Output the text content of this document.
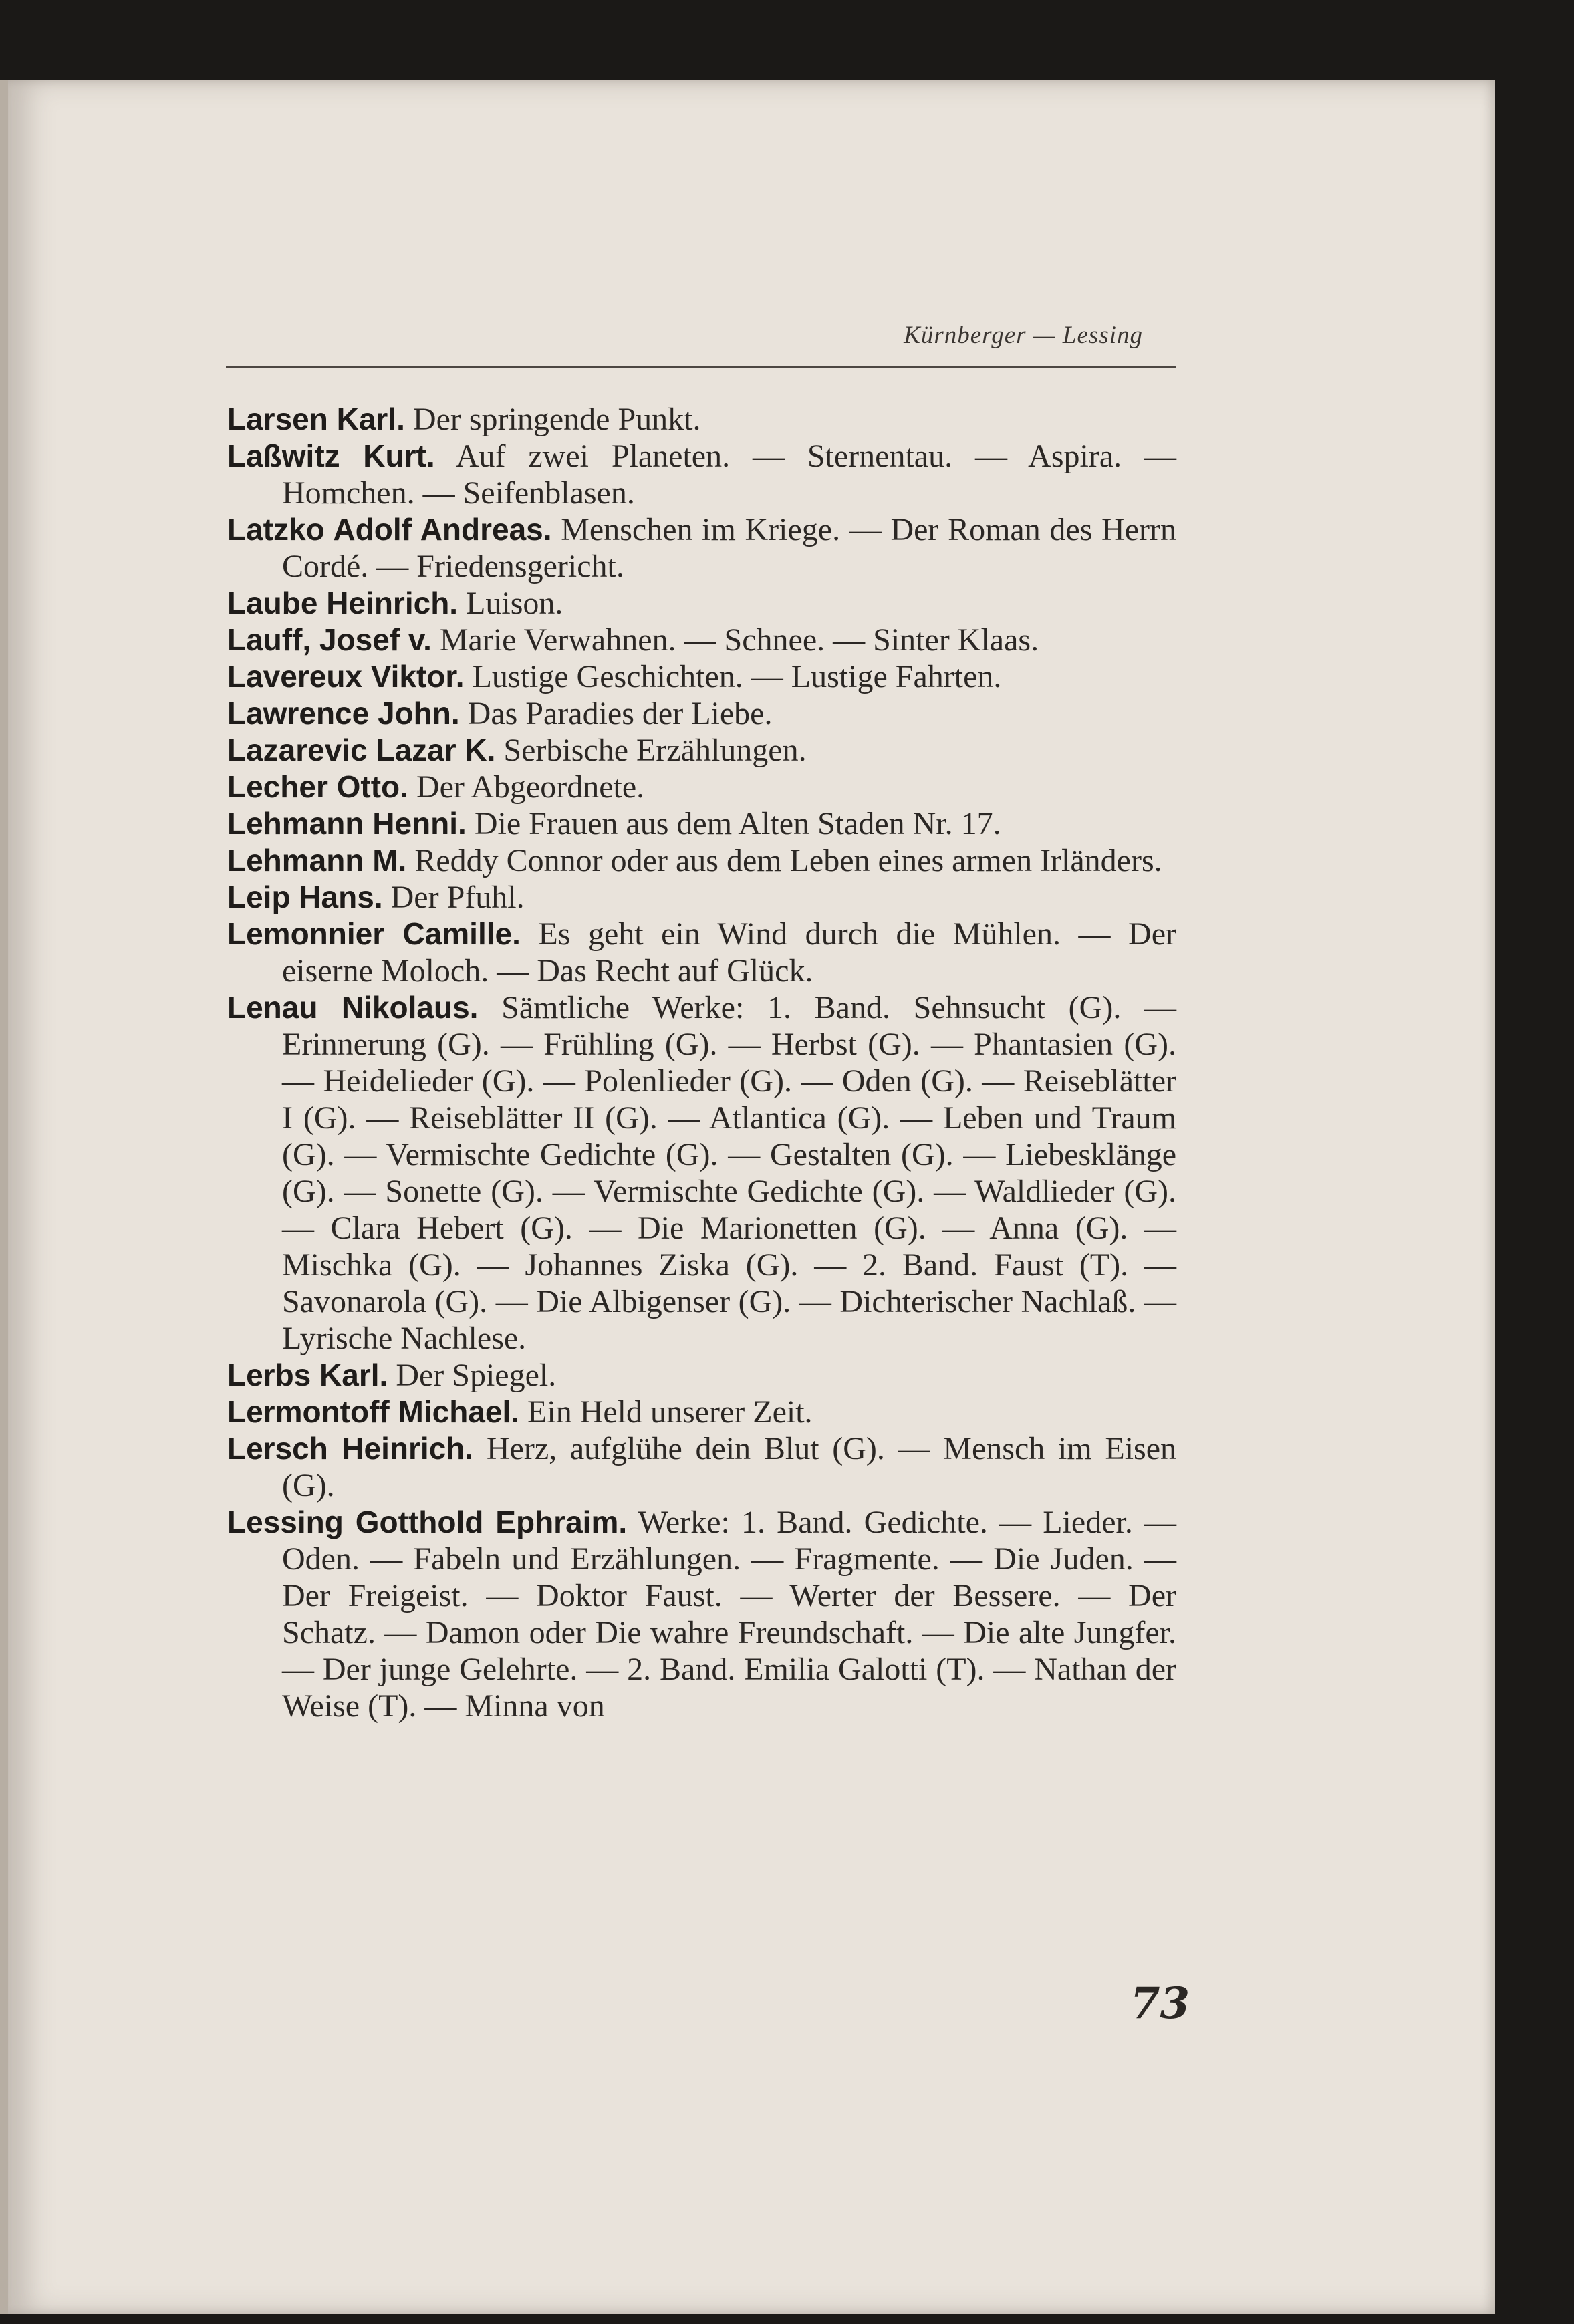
Kürnberger — Lessing

Larsen Karl. Der springende Punkt.

Laßwitz Kurt. Auf zwei Planeten. — Sternentau. — Aspira. — Homchen. — Seifenblasen.

Latzko Adolf Andreas. Menschen im Kriege. — Der Roman des Herrn Cordé. — Friedensgericht.

Laube Heinrich. Luison.

Lauff, Josef v. Marie Verwahnen. — Schnee. — Sinter Klaas.

Lavereux Viktor. Lustige Geschichten. — Lustige Fahrten.

Lawrence John. Das Paradies der Liebe.

Lazarevic Lazar K. Serbische Erzählungen.

Lecher Otto. Der Abgeordnete.

Lehmann Henni. Die Frauen aus dem Alten Staden Nr. 17.

Lehmann M. Reddy Connor oder aus dem Leben eines armen Irländers.

Leip Hans. Der Pfuhl.

Lemonnier Camille. Es geht ein Wind durch die Mühlen. — Der eiserne Moloch. — Das Recht auf Glück.

Lenau Nikolaus. Sämtliche Werke: 1. Band. Sehnsucht (G). — Erinnerung (G). — Frühling (G). — Herbst (G). — Phantasien (G). — Heidelieder (G). — Polenlieder (G). — Oden (G). — Reiseblätter I (G). — Reiseblätter II (G). — Atlantica (G). — Leben und Traum (G). — Vermischte Gedichte (G). — Gestalten (G). — Liebesklänge (G). — Sonette (G). — Vermischte Gedichte (G). — Waldlieder (G). — Clara Hebert (G). — Die Marionetten (G). — Anna (G). — Mischka (G). — Johannes Ziska (G). — 2. Band. Faust (T). — Savonarola (G). — Die Albigenser (G). — Dichterischer Nachlaß. — Lyrische Nachlese.

Lerbs Karl. Der Spiegel.

Lermontoff Michael. Ein Held unserer Zeit.

Lersch Heinrich. Herz, aufglühe dein Blut (G). — Mensch im Eisen (G).

Lessing Gotthold Ephraim. Werke: 1. Band. Gedichte. — Lieder. — Oden. — Fabeln und Erzählungen. — Fragmente. — Die Juden. — Der Freigeist. — Doktor Faust. — Werter der Bessere. — Der Schatz. — Damon oder Die wahre Freundschaft. — Die alte Jungfer. — Der junge Gelehrte. — 2. Band. Emilia Galotti (T). — Nathan der Weise (T). — Minna von

73
